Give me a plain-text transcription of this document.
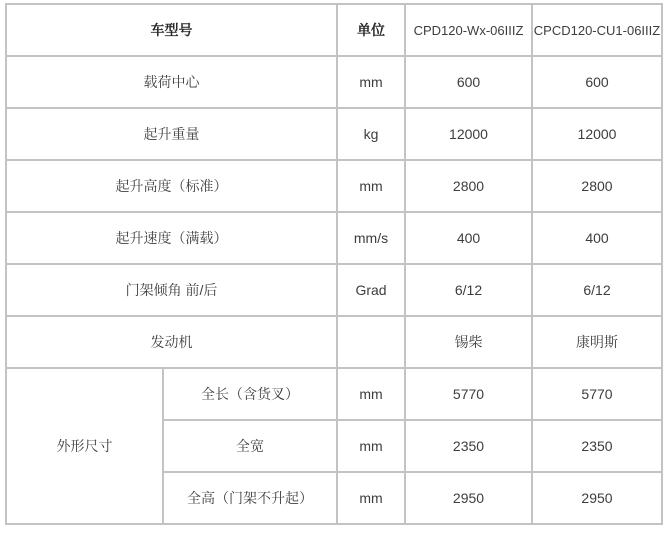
车型号		单位	CPD120-Wx-06IIIZ	CPCD120-CU1-06IIIZ
载荷中心		mm	600	600
起升重量		kg	12000	12000
起升高度（标准）		mm	2800	2800
起升速度（满载）		mm/s	400	400
门架倾角 前/后		Grad	6/12	6/12
发动机			锡柴	康明斯
外形尺寸	全长（含货叉）	mm	5770	5770
	全宽	mm	2350	2350
	全高（门架不升起）	mm	2950	2950
